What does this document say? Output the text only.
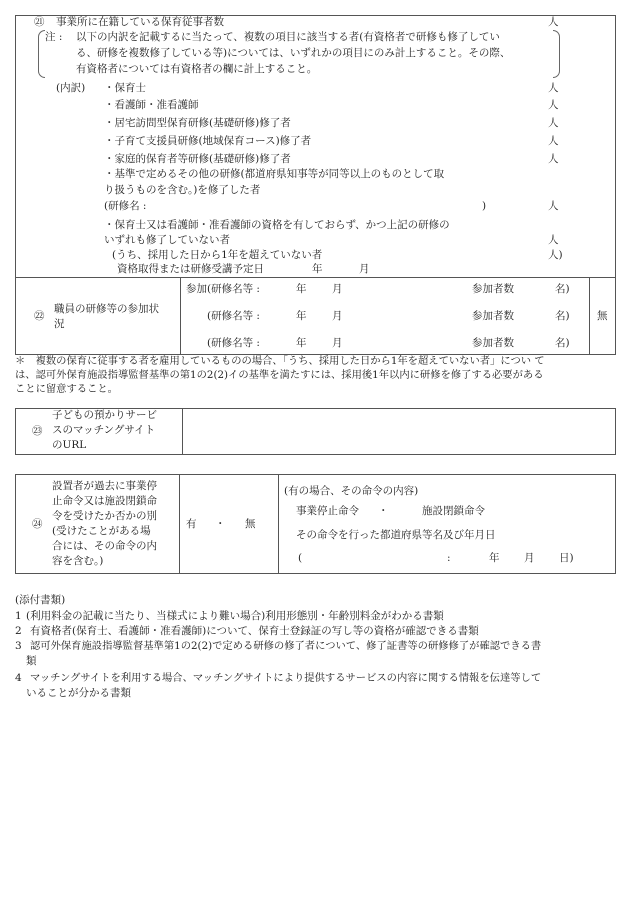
㉑ 事業所に在籍している保育従事者数	人
注 : 以下の内訳を記載するに当たって、複数の項目に該当する者(有資格者で研修も修了してい
る、研修を複数修了している等)については、いずれかの項目にのみ計上すること。その際、
有資格者については有資格者の欄に計上すること。
(内訳) ・保育士	人
・看護師・准看護師	人
・居宅訪問型保育研修(基礎研修)修了者	人
・子育て支援員研修(地域保育コース)修了者	人
・家庭的保育者等研修(基礎研修)修了者	人
・基準で定めるその他の研修(都道府県知事等が同等以上のものとして取
り扱うものを含む。)を修了した者
(研修名 :	)	人
・保育士又は看護師・准看護師の資格を有しておらず、かつ上記の研修の
いずれも修了していない者	人
(うち、採用した日から1年を超えていない者	人)
資格取得または研修受講予定日	年	月
㉒
職員の研修等の参加状
況
参加 (研修名等 :	年 月	参加者数	名)
(研修名等 :	年 月	参加者数	名)
(研修名等 :	年 月	参加者数	名)
無
＊　複数の保育に従事する者を雇用しているものの場合、「うち、採用した日から1年を超えていない者」につい て
は、認可外保育施設指導監督基準の第1の2(2)イの基準を満たすには、採用後1年以内に研修を修了する必要がある
ことに留意すること。
㉓
子どもの預かりサービ
スのマッチングサイト
のURL
㉔
設置者が過去に事業停
止命令又は施設閉鎖命
令を受けたか否かの別
(受けたことがある場
合には、その命令の内
容を含む。)
有 ・ 無
(有の場合、その命令の内容)
事業停止命令 ・	施設閉鎖命令
その命令を行った都道府県等名及び年月日
(	:	年 月 日)
(添付書類)
1 (利用料金の記載に当たり、当様式により難い場合)利用形態別・年齢別料金がわかる書類
2 有資格者(保育士、看護師・准看護師)について、保育士登録証の写し等の資格が確認できる書類
3 認可外保育施設指導監督基準第1の2(2)で定める研修の修了者について、修了証書等の研修修了が確認できる書
類
4 マッチングサイトを利用する場合、マッチングサイトにより提供するサービスの内容に関する情報を伝達等して
いることが分かる書類
